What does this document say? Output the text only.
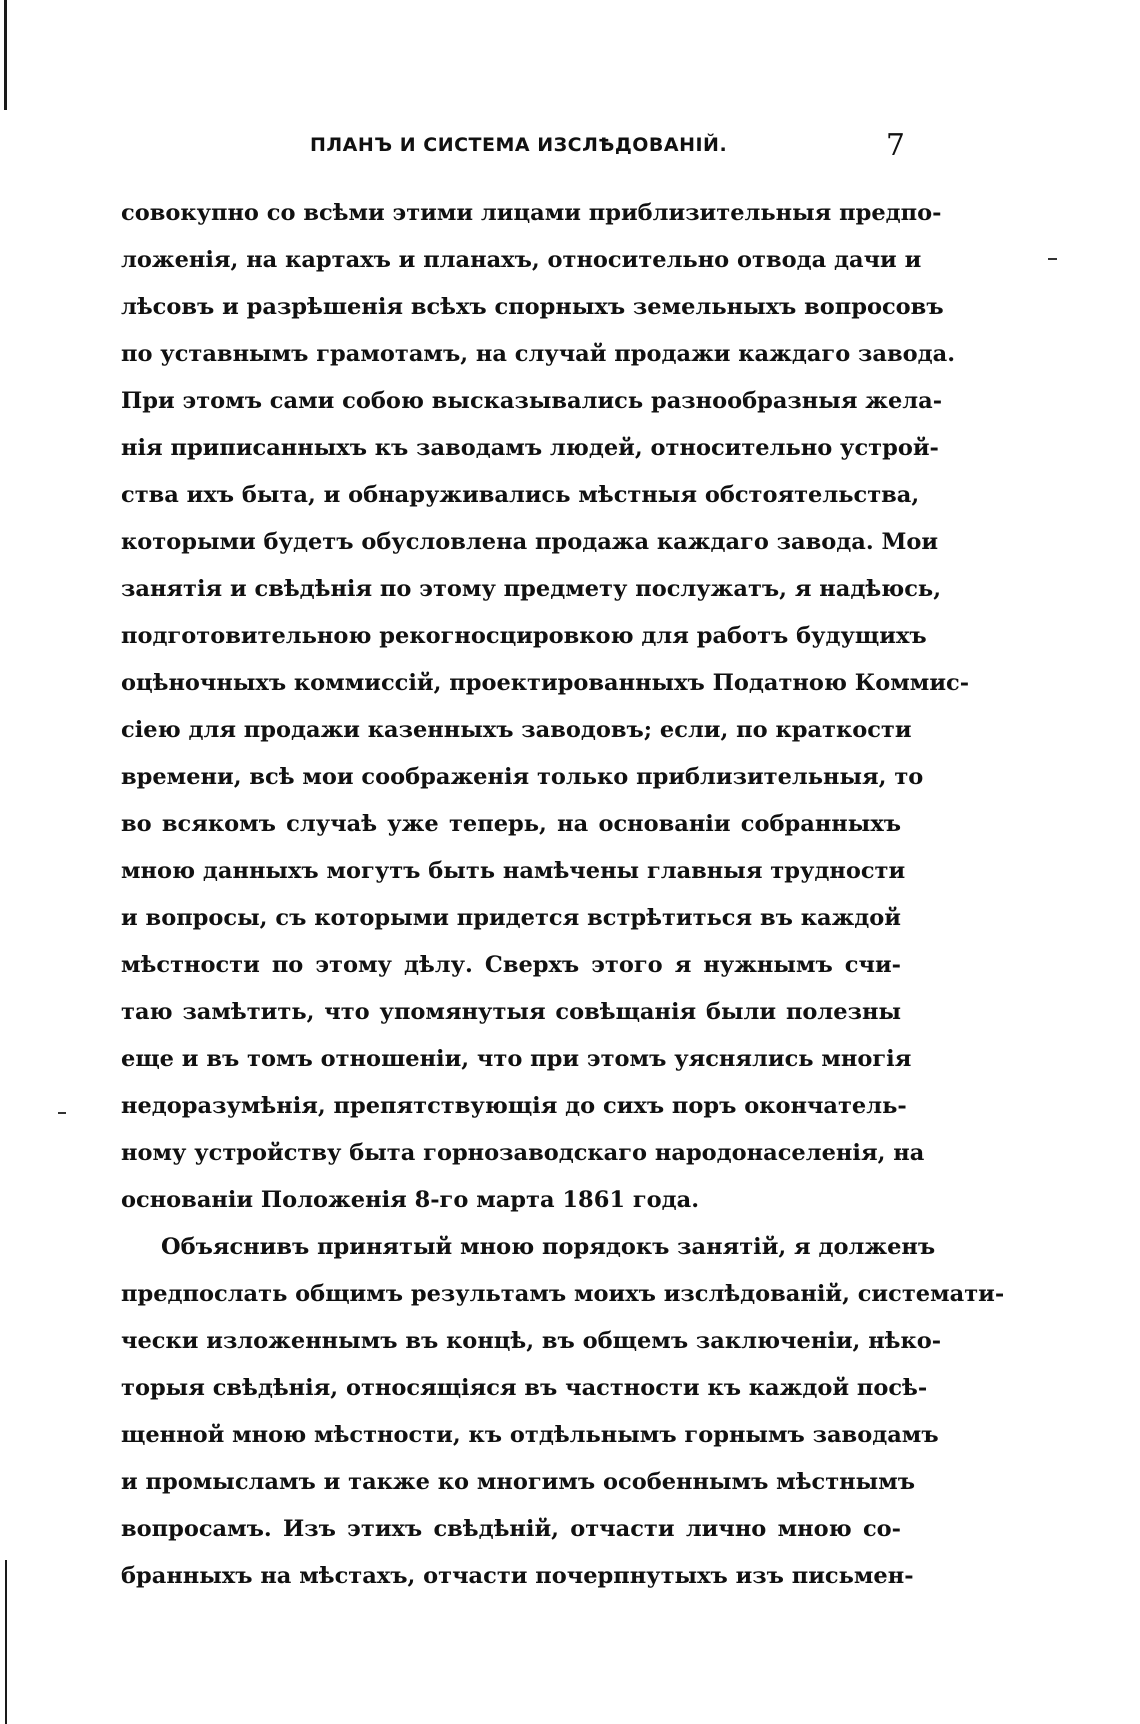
ПЛАНЪ И СИСТЕМА ИЗСЛѢДОВАНІЙ.	7
совокупно со всѣми этими лицами приблизительныя предпо-
ложенія, на картахъ и планахъ, относительно отвода дачи и
лѣсовъ и разрѣшенія всѣхъ спорныхъ земельныхъ вопросовъ
по уставнымъ грамотамъ, на случай продажи каждаго завода.
При этомъ сами собою высказывались разнообразныя жела-
нія приписанныхъ къ заводамъ людей, относительно устрой-
ства ихъ быта, и обнаруживались мѣстныя обстоятельства,
которыми будетъ обусловлена продажа каждаго завода. Мои
занятія и свѣдѣнія по этому предмету послужатъ, я надѣюсь,
подготовительною рекогносцировкою для работъ будущихъ
оцѣночныхъ коммиссій, проектированныхъ Податною Коммис-
сіею для продажи казенныхъ заводовъ; если, по краткости
времени, всѣ мои соображенія только приблизительныя, то
во всякомъ случаѣ уже теперь, на основаніи собранныхъ
мною данныхъ могутъ быть намѣчены главныя трудности
и вопросы, съ которыми придется встрѣтиться въ каждой
мѣстности по этому дѣлу. Сверхъ этого я нужнымъ счи-
таю замѣтить, что упомянутыя совѣщанія были полезны
еще и въ томъ отношеніи, что при этомъ уяснялись многія
недоразумѣнія, препятствующія до сихъ поръ окончатель-
ному устройству быта горнозаводскаго народонаселенія, на
основаніи Положенія 8-го марта 1861 года.
Объяснивъ принятый мною порядокъ занятій, я долженъ
предпослать общимъ результамъ моихъ изслѣдованій, системати-
чески изложеннымъ въ концѣ, въ общемъ заключеніи, нѣко-
торыя свѣдѣнія, относящіяся въ частности къ каждой посѣ-
щенной мною мѣстности, къ отдѣльнымъ горнымъ заводамъ
и промысламъ и также ко многимъ особеннымъ мѣстнымъ
вопросамъ. Изъ этихъ свѣдѣній, отчасти лично мною со-
бранныхъ на мѣстахъ, отчасти почерпнутыхъ изъ письмен-
